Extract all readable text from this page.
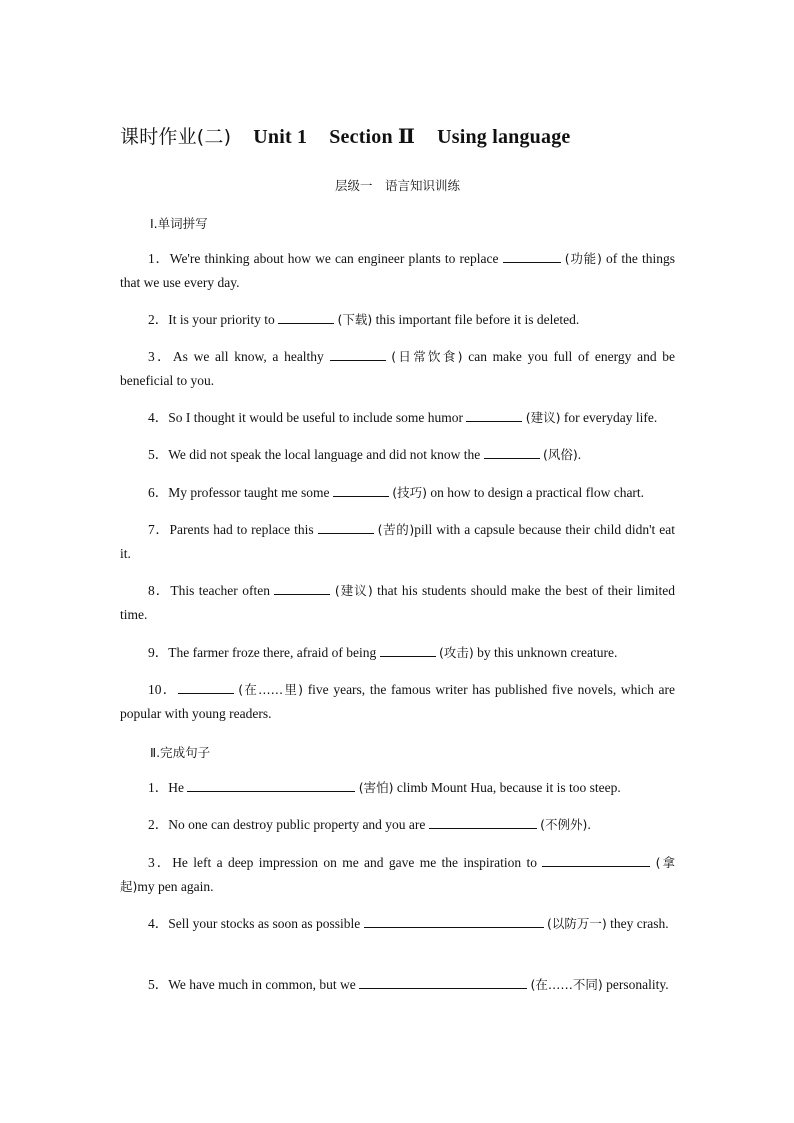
课时作业(二) Unit 1 Section Ⅱ Using language
层级一　语言知识训练
Ⅰ.单词拼写
1．We're thinking about how we can engineer plants to replace	(功能) of the things that we use every day.
2．It is your priority to	(下载) this important file before it is deleted.
3．As we all know, a healthy	(日常饮食) can make you full of energy and be beneficial to you.
4．So I thought it would be useful to include some humor	(建议) for everyday life.
5．We did not speak the local language and did not know the	(风俗).
6．My professor taught me some	(技巧) on how to design a practical flow chart.
7．Parents had to replace this	(苦的)pill with a capsule because their child didn't eat it.
8．This teacher often	(建议) that his students should make the best of their limited time.
9．The farmer froze there, afraid of being	(攻击) by this unknown creature.
10．	(在……里) five years, the famous writer has published five novels, which are popular with young readers.
Ⅱ.完成句子
1．He	(害怕) climb Mount Hua, because it is too steep.
2．No one can destroy public property and you are	(不例外).
3．He left a deep impression on me and gave me the inspiration to	(拿起)my pen again.
4．Sell your stocks as soon as possible	(以防万一) they crash.
5．We have much in common, but we	(在……不同) personality.
